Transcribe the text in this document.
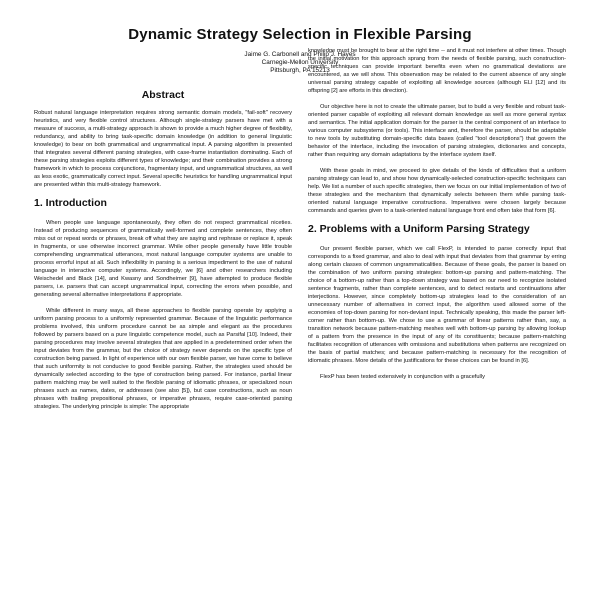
Dynamic Strategy Selection in Flexible Parsing
Jaime G. Carbonell and Philip J. Hayes
Carnegie-Mellon University
Pittsburgh, PA 15213
Abstract

Robust natural language interpretation requires strong semantic domain models, "fail-soft" recovery heuristics, and very flexible control structures. Although single-strategy parsers have met with a measure of success, a multi-strategy approach is shown to provide a much higher degree of flexibility, redundancy, and ability to bring task-specific domain knowledge (in addition to general linguistic knowledge) to bear on both grammatical and ungrammatical input. A parsing algorithm is presented that integrates several different parsing strategies, with case-frame instantiation dominating. Each of these parsing strategies exploits different types of knowledge; and their combination provides a strong framework in which to process conjunctions, fragmentary input, and ungrammatical structures, as well as less exotic, grammatically correct input. Several specific heuristics for handling ungrammatical input are presented within this multi-strategy framework.

1. Introduction

When people use language spontaneously, they often do not respect grammatical niceties. Instead of producing sequences of grammatically well-formed and complete sentences, they often miss out or repeat words or phrases, break off what they are saying and rephrase or replace it, speak in fragments, or use otherwise incorrect grammar. While other people generally have little trouble comprehending ungrammatical utterances, most natural language computer systems are unable to process errorful input at all. Such inflexibility in parsing is a serious impediment to the use of natural language in interactive computer systems. Accordingly, we [6] and other researchers including Weischedel and Black [14], and Kwasny and Sondheimer [9], have attempted to produce flexible parsers, i.e. parsers that can accept ungrammatical input, correcting the errors when possible, and generating several alternative interpretations if appropriate.

While different in many ways, all these approaches to flexible parsing operate by applying a uniform parsing process to a uniformly represented grammar. Because of the linguistic performance problems involved, this uniform procedure cannot be as simple and elegant as the procedures followed by parsers based on a pure linguistic competence model, such as Parsifal [10]. Indeed, their parsing procedures may involve several strategies that are applied in a predetermined order when the input deviates from the grammar, but the choice of strategy never depends on the specific type of construction being parsed. In light of experience with our own flexible parser, we have come to believe that such uniformity is not conducive to good flexible parsing. Rather, the strategies used should be dynamically selected according to the type of construction being parsed. For instance, partial linear pattern matching may be well suited to the flexible parsing of idiomatic phrases, or specialized noun phrases such as names, dates, or addresses (see also [5]), but case constructions, such as noun phrases with trailing prepositional phrases, or imperative phrases, require case-oriented parsing strategies. The underlying principle is simple: The appropriate

knowledge must be brought to bear at the right time -- and it must not interfere at other times. Though the initial motivation for this approach sprang from the needs of flexible parsing, such construction-specific techniques can provide important benefits even when no grammatical deviations are encountered, as we will show. This observation may be related to the current absence of any single universal parsing strategy capable of exploiting all knowledge sources (although ELI [12] and its offspring [2] are efforts in this direction).

Our objective here is not to create the ultimate parser, but to build a very flexible and robust task-oriented parser capable of exploiting all relevant domain knowledge as well as more general syntax and semantics. The initial application domain for the parser is the central component of an interface to various computer subsystems (or tools). This interface and, therefore the parser, should be adaptable to new tools by substituting domain-specific data bases (called "tool descriptions") that govern the behavior of the interface, including the invocation of parsing strategies, dictionaries and concepts, rather than requiring any domain adaptations by the interface system itself.

With these goals in mind, we proceed to give details of the kinds of difficulties that a uniform parsing strategy can lead to, and show how dynamically-selected construction-specific techniques can help. We list a number of such specific strategies, then we focus on our initial implementation of two of these strategies and the mechanism that dynamically selects between them while parsing task-oriented natural language imperative constructions. Imperatives were chosen largely because commands and queries given to a task-oriented natural language front end often take that form [6].

2. Problems with a Uniform Parsing Strategy

Our present flexible parser, which we call FlexP, is intended to parse correctly input that corresponds to a fixed grammar, and also to deal with input that deviates from that grammar by erring along certain classes of common ungrammaticalities. Because of these goals, the parser is based on the combination of two uniform parsing strategies: bottom-up parsing and pattern-matching. The choice of a bottom-up rather than a top-down strategy was based on our need to recognize isolated sentence fragments, rather than complete sentences, and to detect restarts and continuations after interjections. However, since completely bottom-up strategies lead to the consideration of an unnecessary number of alternatives in correct input, the algorithm used allowed some of the economies of top-down parsing for non-deviant input. Technically speaking, this made the parser left-corner rather than bottom-up. We chose to use a grammar of linear patterns rather than, say, a transition network because pattern-matching meshes well with bottom-up parsing by allowing lookup of a pattern from the presence in the input of any of its constituents; because pattern-matching facilitates recognition of utterances with omissions and substitutions when patterns are recognized on the basis of partial matches; and because pattern-matching is necessary for the recognition of idiomatic phrases. More details of the justifications for these choices can be found in [6].

FlexP has been tested extensively in conjunction with a gracefully
